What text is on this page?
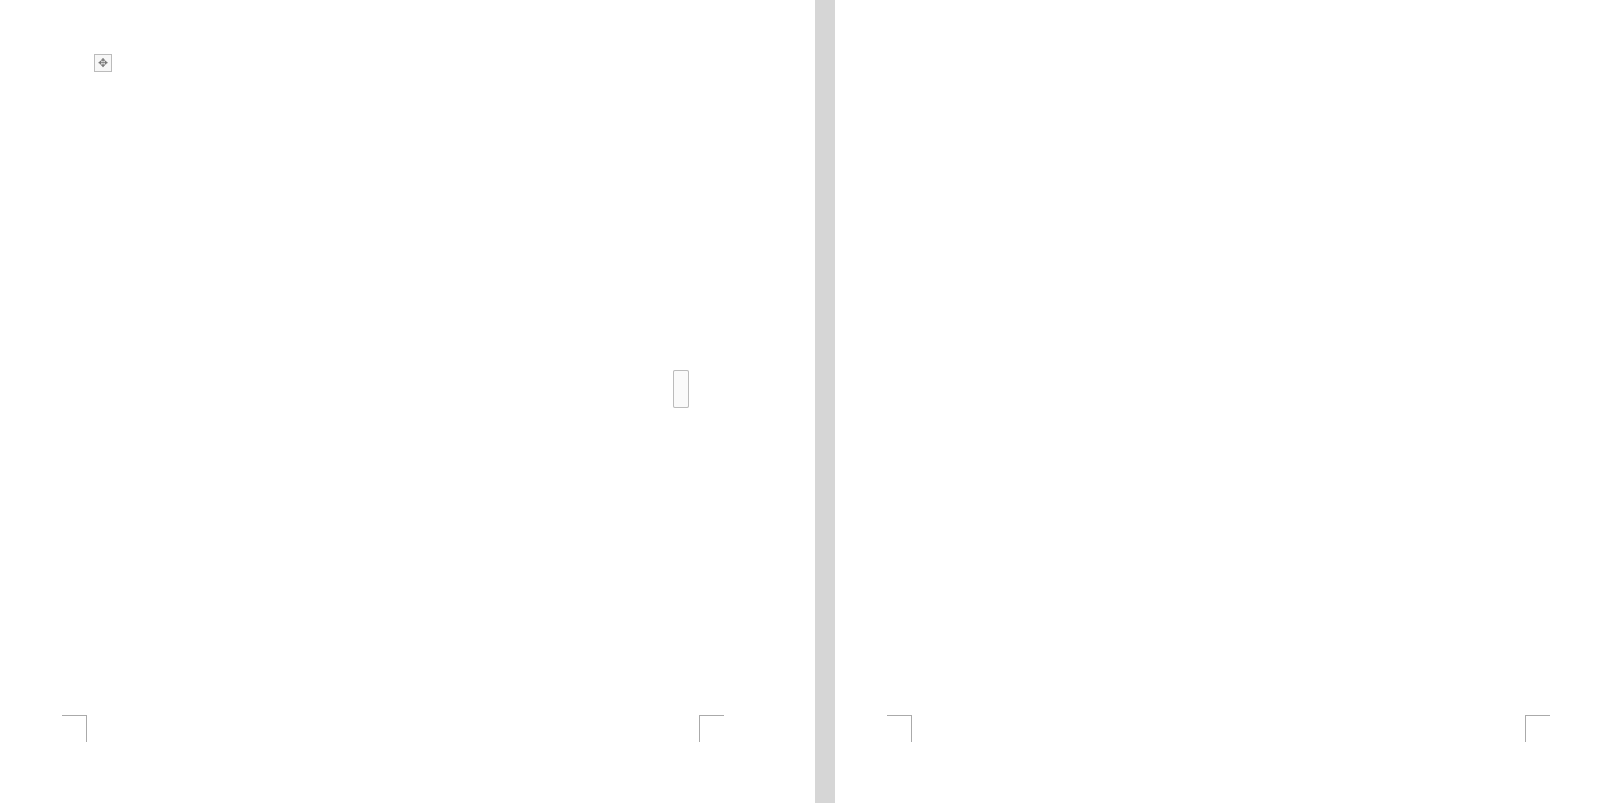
✥
